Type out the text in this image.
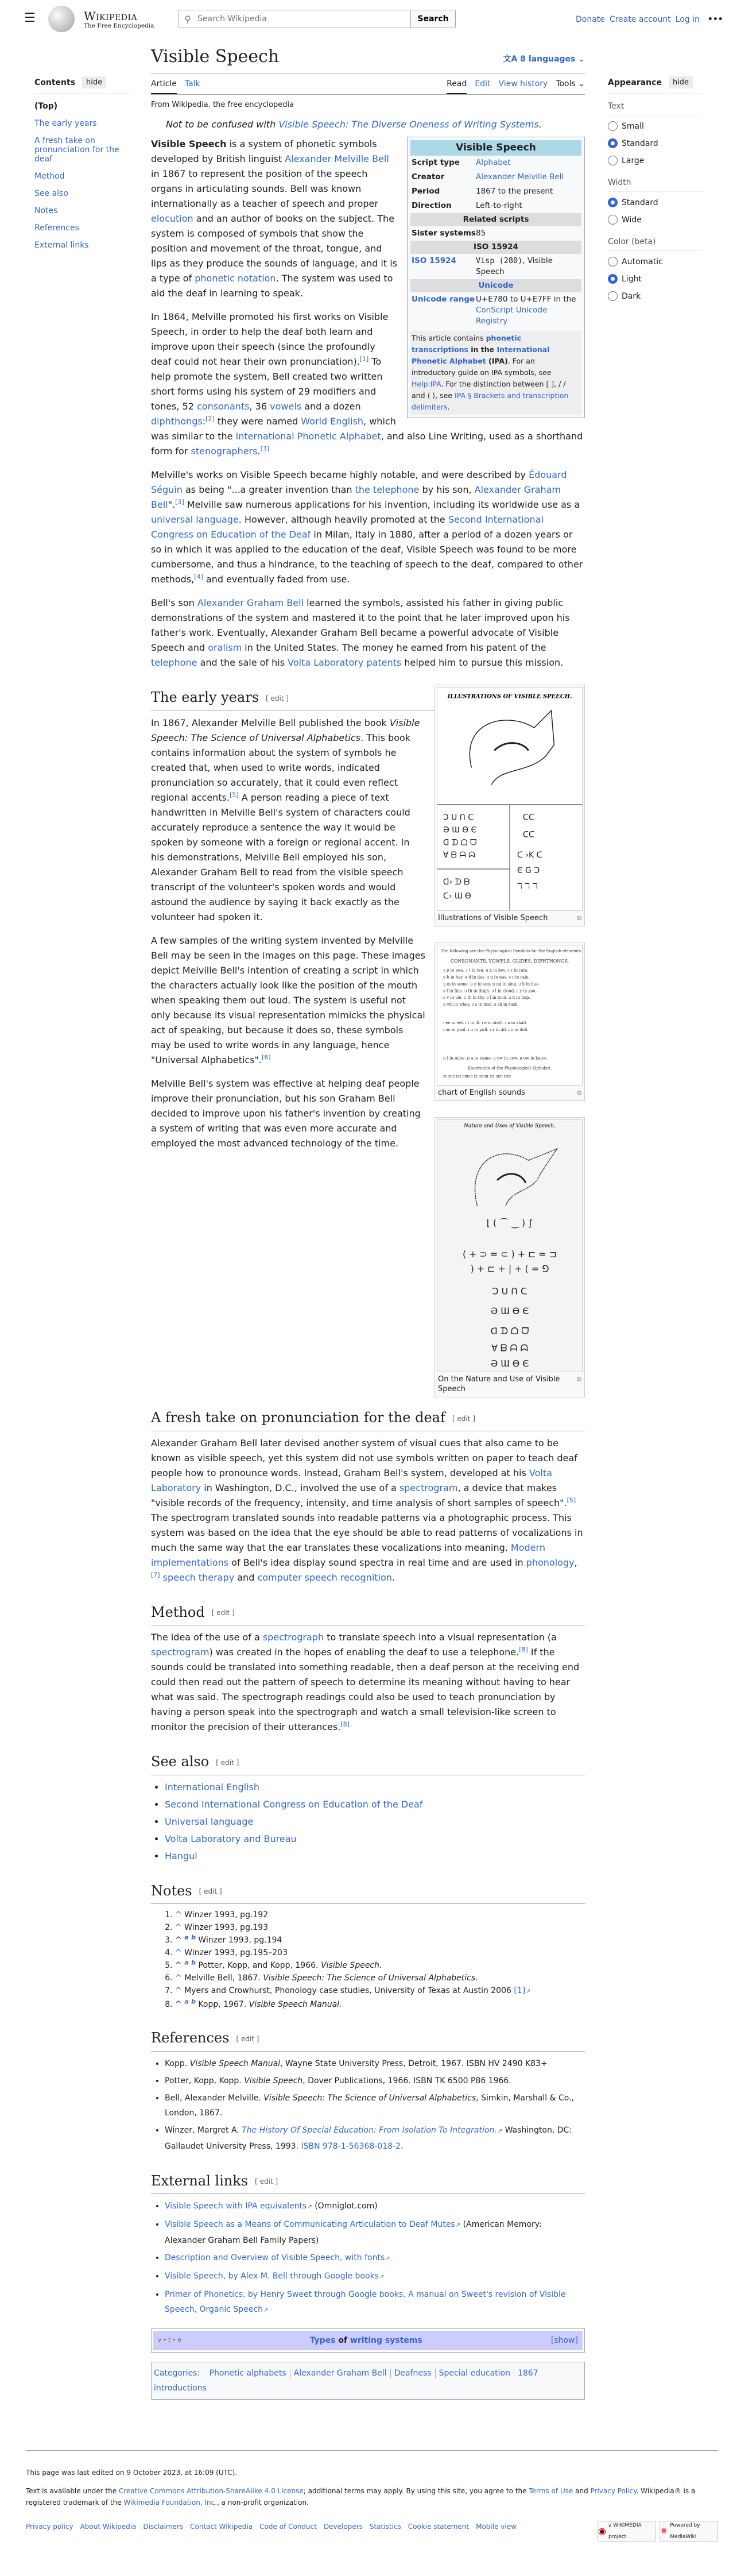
Wikipedia
The Free Encyclopedia
⚲
Search Wikipedia	Search	Donate Create account Log in •••
Contents	hide
(Top)
The early years
A fresh take on pronunciation for the deaf
Method
See also
Notes
References
External links
Appearance	hide
Text
Small
Standard
Large
Width
Standard
Wide
Color (beta)
Automatic
Light
Dark
Visible Speech	文A 8 languages ⌄
Article Talk	Read Edit View history Tools ⌄
From Wikipedia, the free encyclopedia
Not to be confused with Visible Speech: The Diverse Oneness of Writing Systems.
Visible Speech
Script type	Alphabet
Creator	Alexander Melville Bell
Period	1867 to the present
Direction	Left-to-right
Related scripts
Sister systems 85
ISO 15924
ISO 15924	Visp (280), Visible Speech
Unicode
Unicode range U+E780 to U+E7FF in the ConScript Unicode Registry
This article contains phonetic transcriptions in the International Phonetic Alphabet (IPA). For an introductory guide on IPA symbols, see Help:IPA. For the distinction between [ ], / / and ⟨ ⟩, see IPA § Brackets and transcription delimiters.

Visible Speech is a system of phonetic symbols developed by British linguist Alexander Melville Bell in 1867 to represent the position of the speech organs in articulating sounds. Bell was known internationally as a teacher of speech and proper elocution and an author of books on the subject. The system is composed of symbols that show the position and movement of the throat, tongue, and lips as they produce the sounds of language, and it is a type of phonetic notation. The system was used to aid the deaf in learning to speak.

In 1864, Melville promoted his first works on Visible Speech, in order to help the deaf both learn and improve upon their speech (since the profoundly deaf could not hear their own pronunciation).[1] To help promote the system, Bell created two written short forms using his system of 29 modifiers and tones, 52 consonants, 36 vowels and a dozen diphthongs:[2] they were named World English, which was similar to the International Phonetic Alphabet, and also Line Writing, used as a shorthand form for stenographers.[3]

Melville's works on Visible Speech became highly notable, and were described by Édouard Séguin as being "...a greater invention than the telephone by his son, Alexander Graham Bell".[3] Melville saw numerous applications for his invention, including its worldwide use as a universal language. However, although heavily promoted at the Second International Congress on Education of the Deaf in Milan, Italy in 1880, after a period of a dozen years or so in which it was applied to the education of the deaf, Visible Speech was found to be more cumbersome, and thus a hindrance, to the teaching of speech to the deaf, compared to other methods,[4] and eventually faded from use.

Bell's son Alexander Graham Bell learned the symbols, assisted his father in giving public demonstrations of the system and mastered it to the point that he later improved upon his father's work. Eventually, Alexander Graham Bell became a powerful advocate of Visible Speech and oralism in the United States. The money he earned from his patent of the telephone and the sale of his Volta Laboratory patents helped him to pursue this mission.

ILLUSTRATIONS OF VISIBLE SPEECH.
Ɔ ᑌ ᑎ ᑕ
Ə Ɯ Ө Є
ᗡ ᗪ ᗝ ᗜ
Ɐ ᗷ ᗩ ᗣ
ᗡ› ᗪ ᗷ
ᑕ› Ɯ Ө
ᑕᑕ
ᑕᑕ
ᑕ ›K ᑕ
Є G ᑐ
ℸ ℸ ℸ
Illustrations of Visible Speech	⧉
The following are the Physiological Symbols for the English elements
ɔ p in pea. ɔ t in tea. ɑ k in key. ɔ r in rain.
ə b in bay. ə d in day. ɑ g in gay. ɘ r in rain.
ɒ m in some. ɒ n in son. ɑ ng in sing. ɔ h in hue.
ɔ f in fine. ɔ th in thigh. ɔ l in cloud. ɛ y in you.
ə v in vie. ə th in thy. ə l in loud. ɔ h in hop.
ɒ wh in whey. ɜ s in hiss. ɔ sh in rush.
ɪ ee in eel. ɪ i in ill. ɪ e in shell. ɪ a in shall.
ɪ oo in pool. ɪ u in pull. ɪ a in all. ɪ o in doll.
ɪɪ i in mine. ɪɪ a in name. ɪɪ ow in now. ɪɪ ow in know.
Illustration of the Physiological Alphabet.
ɔɪ ɔɪɪɔ ɪɔɪ ɪɔɪɪɔɔ ɪɔ ɔɪɪɔɪɪ ɪɔɪ ɔɪɔɪ ɪɔɪɔ
CONSONANTS. VOWELS. GLIDES. DIPHTHONGS.
chart of English sounds	⧉
Nature and Uses of Visible Speech.
⌊ ( ⌒ ‿ ) ∫
( + ⊃ = ⊂ ) + ⊏ = ⊐
) + ⊏ + | + ( = ⅁
Ɔ ᑌ ᑎ ᑕ
Ə Ɯ Ө Є
ᗡ ᗪ ᗝ ᗜ
Ɐ ᗷ ᗩ ᗣ
Ə Ɯ Ө Є
On the Nature and Use of Visible Speech
⧉
The early years [ edit ]

In 1867, Alexander Melville Bell published the book Visible Speech: The Science of Universal Alphabetics. This book contains information about the system of symbols he created that, when used to write words, indicated pronunciation so accurately, that it could even reflect regional accents.[5] A person reading a piece of text handwritten in Melville Bell's system of characters could accurately reproduce a sentence the way it would be spoken by someone with a foreign or regional accent. In his demonstrations, Melville Bell employed his son, Alexander Graham Bell to read from the visible speech transcript of the volunteer's spoken words and would astound the audience by saying it back exactly as the volunteer had spoken it.

A few samples of the writing system invented by Melville Bell may be seen in the images on this page. These images depict Melville Bell's intention of creating a script in which the characters actually look like the position of the mouth when speaking them out loud. The system is useful not only because its visual representation mimicks the physical act of speaking, but because it does so, these symbols may be used to write words in any language, hence "Universal Alphabetics".[6]

Melville Bell's system was effective at helping deaf people improve their pronunciation, but his son Graham Bell decided to improve upon his father's invention by creating a system of writing that was even more accurate and employed the most advanced technology of the time.

A fresh take on pronunciation for the deaf [ edit ]

Alexander Graham Bell later devised another system of visual cues that also came to be known as visible speech, yet this system did not use symbols written on paper to teach deaf people how to pronounce words. Instead, Graham Bell's system, developed at his Volta Laboratory in Washington, D.C., involved the use of a spectrogram, a device that makes "visible records of the frequency, intensity, and time analysis of short samples of speech".[5] The spectrogram translated sounds into readable patterns via a photographic process. This system was based on the idea that the eye should be able to read patterns of vocalizations in much the same way that the ear translates these vocalizations into meaning. Modern implementations of Bell's idea display sound spectra in real time and are used in phonology,[7] speech therapy and computer speech recognition.

Method [ edit ]

The idea of the use of a spectrograph to translate speech into a visual representation (a spectrogram) was created in the hopes of enabling the deaf to use a telephone.[8] If the sounds could be translated into something readable, then a deaf person at the receiving end could then read out the pattern of speech to determine its meaning without having to hear what was said. The spectrograph readings could also be used to teach pronunciation by having a person speak into the spectrograph and watch a small television-like screen to monitor the precision of their utterances.[8]

See also [ edit ]
• International English
• Second International Congress on Education of the Deaf
• Universal language
• Volta Laboratory and Bureau
• Hangul
Notes [ edit ]
1. ^ Winzer 1993, pg.192
2. ^ Winzer 1993, pg.193
3. ^ $^a$ $^b$ Winzer 1993, pg.194
4. ^ Winzer 1993, pg.195–203
5. ^ $^a$ $^b$ Potter, Kopp, and Kopp, 1966. Visible Speech.
6. ^ Melville Bell, 1867. Visible Speech: The Science of Universal Alphabetics.
7. ^ Myers and Crowhurst, Phonology case studies, University of Texas at Austin 2006 [1] ↗
8. ^ $^a$ $^b$ Kopp, 1967. Visible Speech Manual.
References [ edit ]
• Kopp. Visible Speech Manual, Wayne State University Press, Detroit, 1967. ISBN HV 2490 K83+
• Potter, Kopp, Kopp. Visible Speech, Dover Publications, 1966. ISBN TK 6500 P86 1966.
• Bell, Alexander Melville. Visible Speech: The Science of Universal Alphabetics, Simkin, Marshall & Co., London, 1867.
• Winzer, Margret A. The History Of Special Education: From Isolation To Integration. ↗ Washington, DC: Gallaudet University Press, 1993. ISBN 978-1-56368-018-2.
External links [ edit ]
• Visible Speech with IPA equivalents ↗ (Omniglot.com)
• Visible Speech as a Means of Communicating Articulation to Deaf Mutes ↗ (American Memory: Alexander Graham Bell Family Papers)
• Description and Overview of Visible Speech, with fonts ↗
• Visible Speech, by Alex M. Bell through Google books ↗
• Primer of Phonetics, by Henry Sweet through Google books. A manual on Sweet's revision of Visible Speech, Organic Speech ↗
v • t • e	Types of writing systems	[show]
Categories: Phonetic alphabets Alexander Graham Bell Deafness Special education 1867 introductions

This page was last edited on 9 October 2023, at 16:09 (UTC).

Text is available under the Creative Commons Attribution-ShareAlike 4.0 License; additional terms may apply. By using this site, you agree to the Terms of Use and Privacy Policy. Wikipedia® is a registered trademark of the Wikimedia Foundation, Inc., a non-profit organization.

Privacy policy About Wikipedia Disclaimers Contact Wikipedia Code of Conduct Developers Statistics Cookie statement Mobile view	◉ a WIKIMEDIA project
✹ Powered by MediaWiki
